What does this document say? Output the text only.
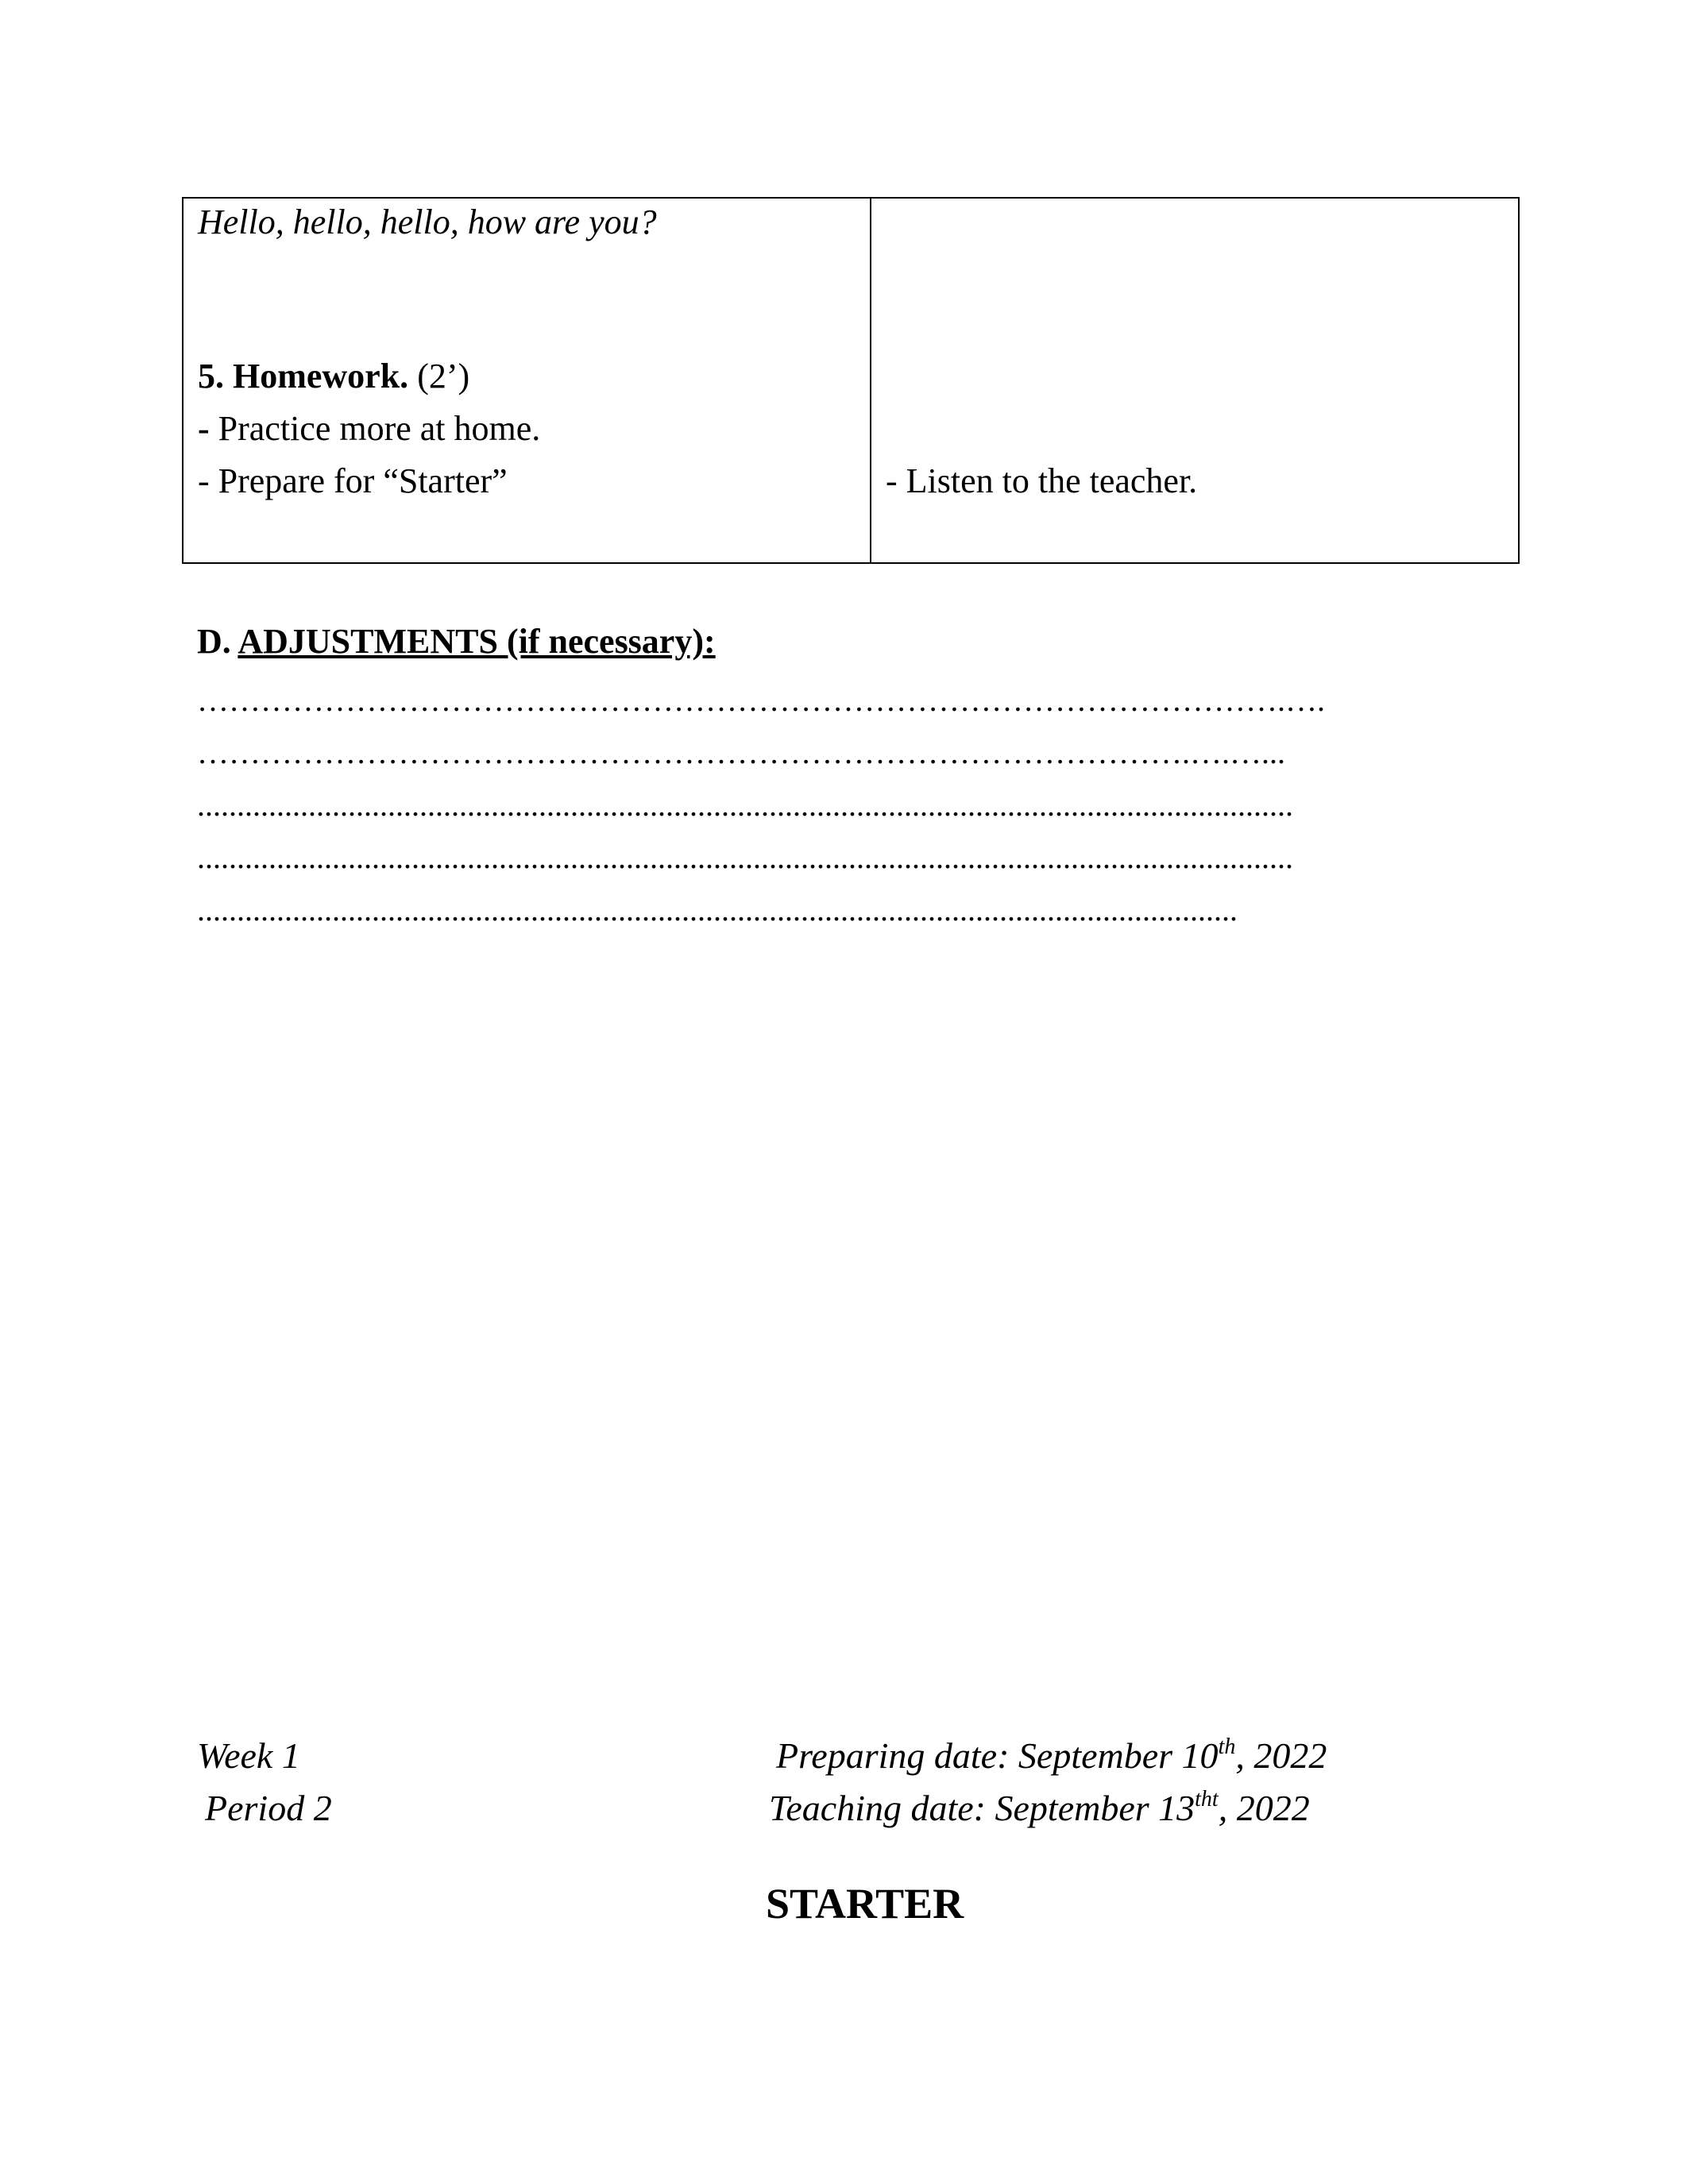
Hello, hello, hello, how are you?
5. Homework. (2’)
- Practice more at home.
- Prepare for “Starter”	- Listen to the teacher.
D. ADJUSTMENTS (if necessary):
………………………………………………………………………………………….….
………………………………………………………………………………….….…...
..........................................................................................................................................
..........................................................................................................................................
...................................................................................................................................
Week 1
Period 2
Preparing date: September 10th, 2022
Teaching date: September $13^{tht}$, 2022
STARTER
